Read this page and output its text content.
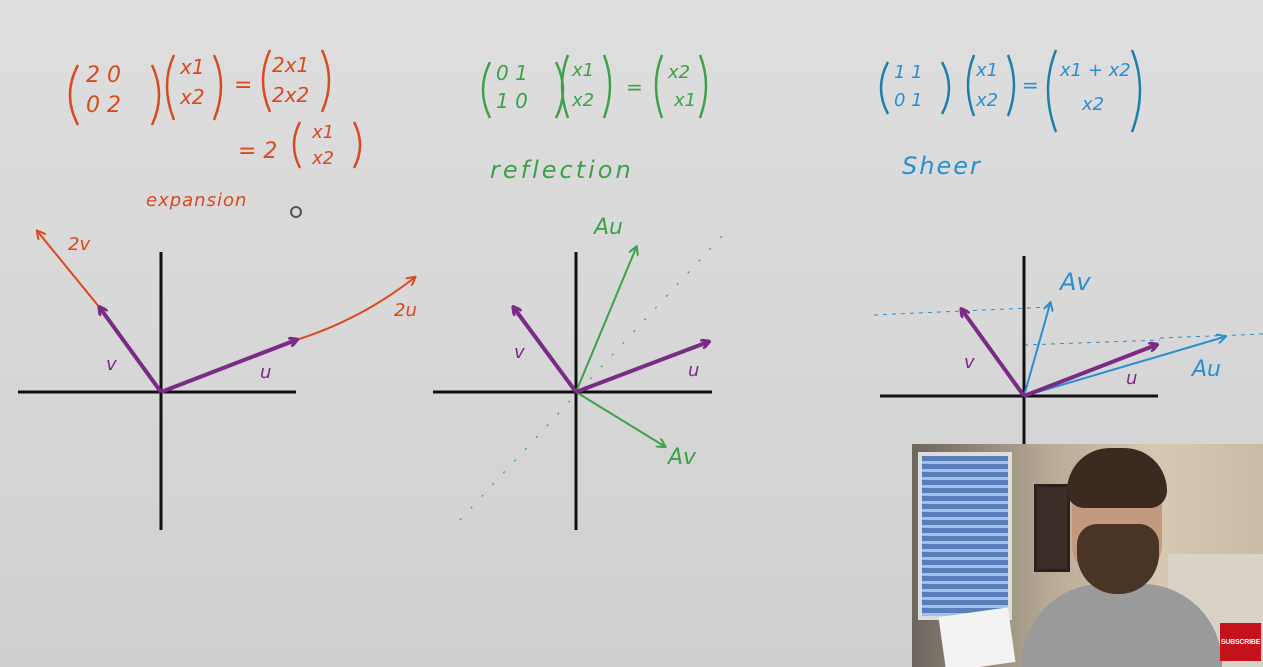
2 0
0 2
x1
x2 =
2x1
2x2
= 2
x1
x2
expansion
2v
2u
v	u
0 1
1 0
x1
x2
=
x2
x1
reflection
Au
Av
v
u
1 1
0 1
x1
x2
=
x1 + x2
x2
Sheer
Av
Au
v
u
SUBSCRIBE
